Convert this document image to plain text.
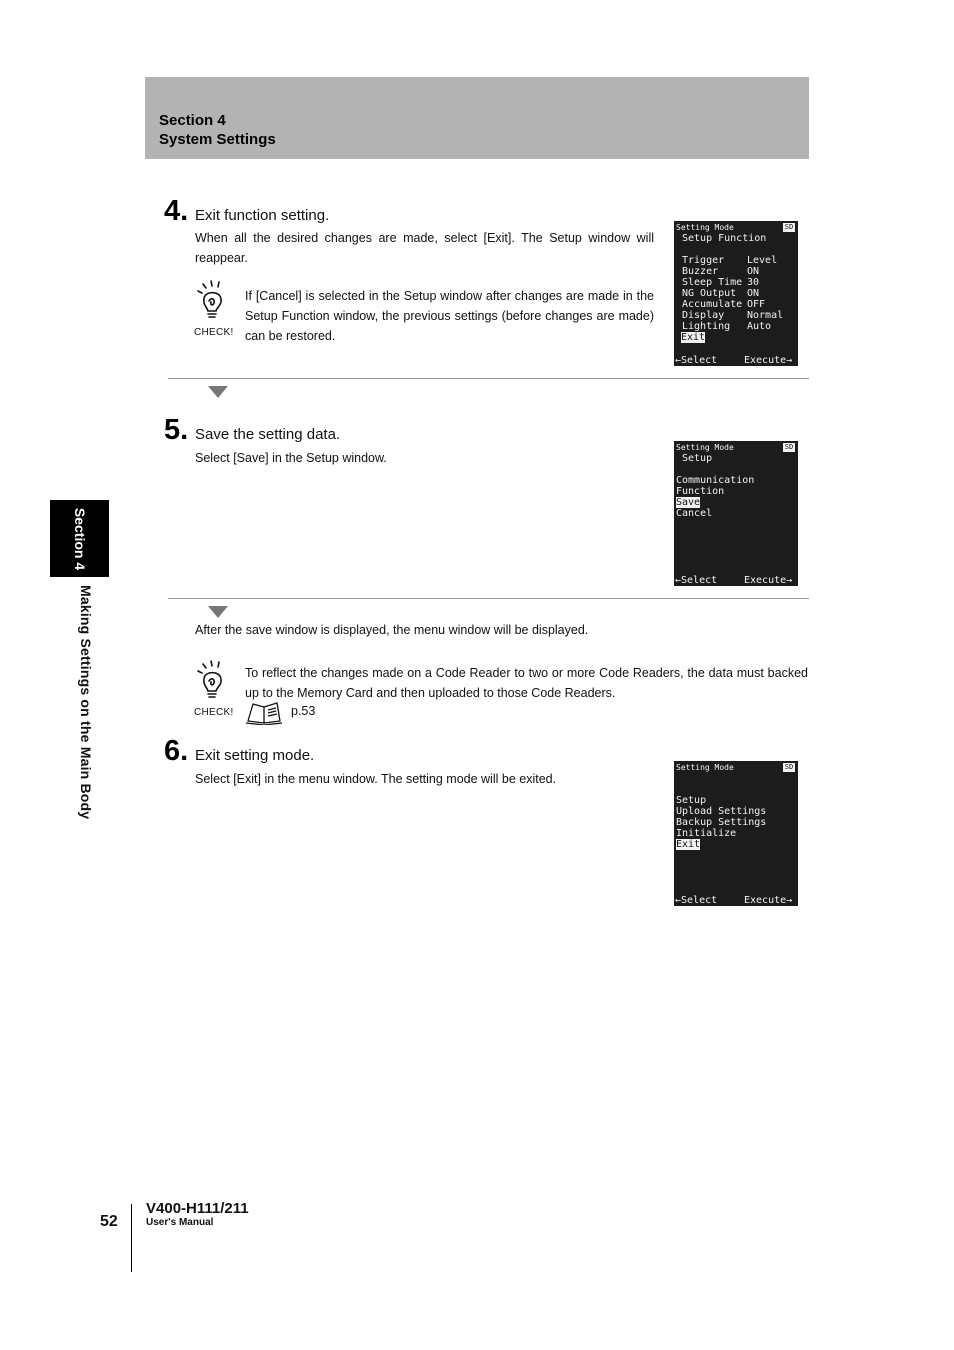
Section 4
System Settings
Section 4
Making Settings on the Main Body
4. Exit function setting.
When all the desired changes are made, select [Exit]. The Setup window will reappear.
CHECK!
If [Cancel] is selected in the Setup window after changes are made in the Setup Function window, the previous settings (before changes are made) can be restored.
Setting Mode	SD
Setup Function
Trigger Level
Buzzer	ON
Sleep Time 30
NG Output ON
Accumulate OFF
Display Normal
Lighting Auto
Exit
←Select	Execute→
5. Save the setting data.
Select [Save] in the Setup window.
Setting Mode	SD
Setup
Communication
Function
Save
Cancel
←Select	Execute→
After the save window is displayed, the menu window will be displayed.
CHECK!
To reflect the changes made on a Code Reader to two or more Code Readers, the data must backed up to the Memory Card and then uploaded to those Code Readers.
p.53
6. Exit setting mode.
Select [Exit] in the menu window. The setting mode will be exited.
Setting Mode	SD
Setup
Upload Settings
Backup Settings
Initialize
Exit
←Select	Execute→
52
V400-H111/211
User's Manual
